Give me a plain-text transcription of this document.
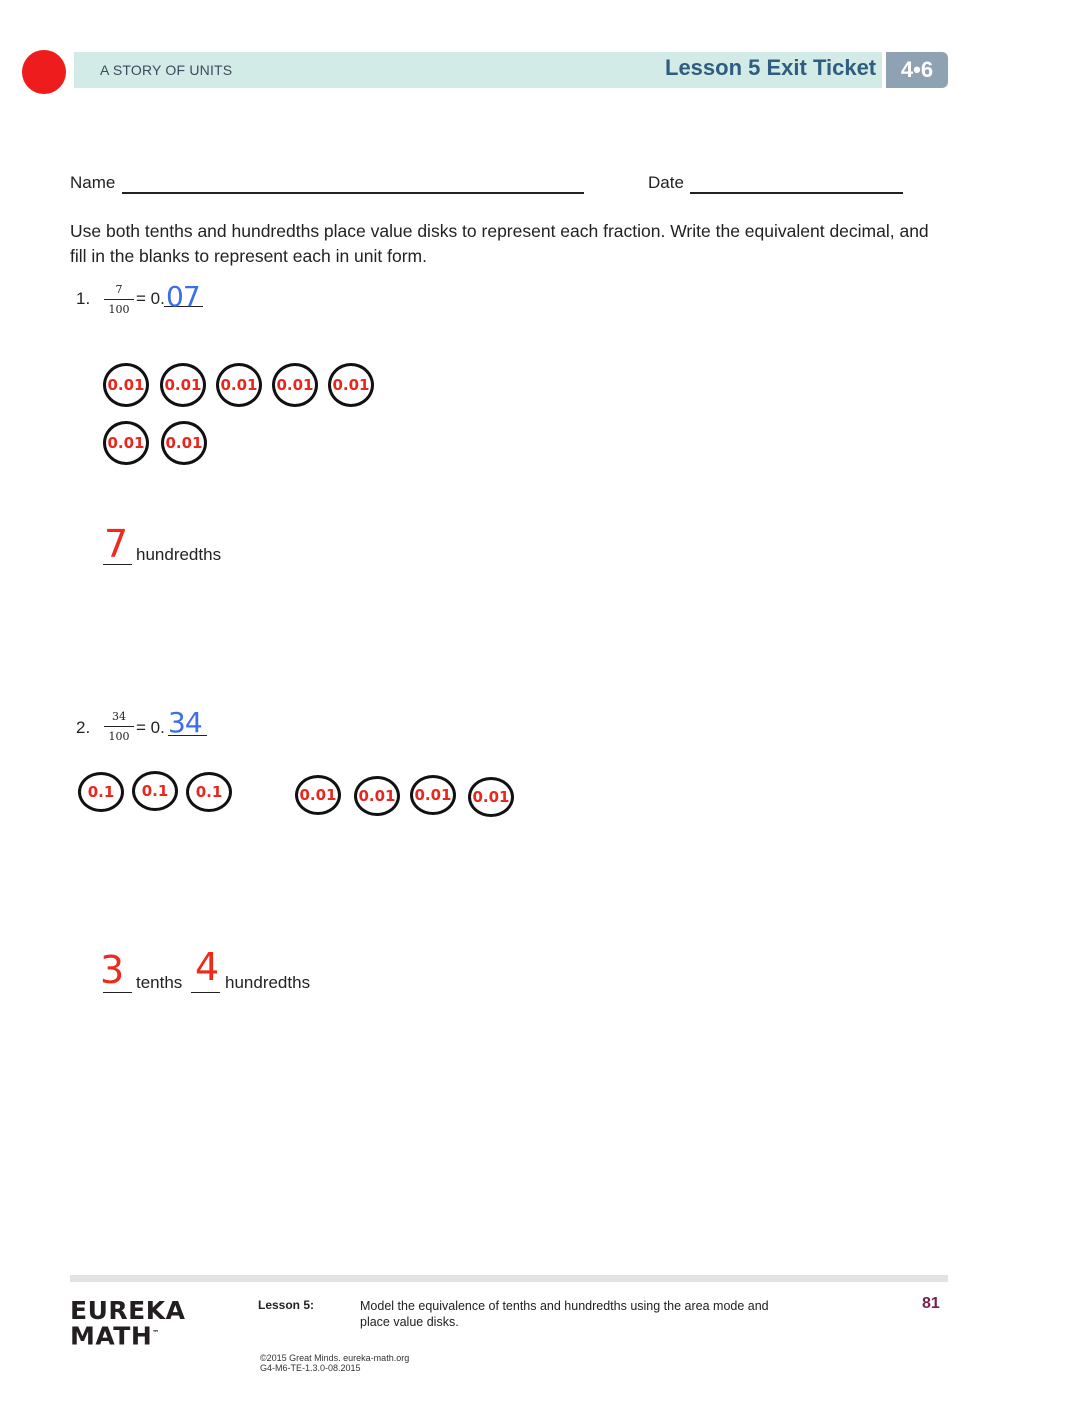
A STORY OF UNITS	Lesson 5 Exit Ticket	4•6
Name	Date
Use both tenths and hundredths place value disks to represent each fraction. Write the equivalent decimal, and fill in the blanks to represent each in unit form.
1. $\frac{7}{100} = 0$. 07
0.01	0.01	0.01	0.01	0.01
0.01	0.01
7 hundredths
2. $\frac{34}{100} = 0$. 34
0.1	0.1	0.1	0.01	0.01	0.01	0.01
3 tenths 4 hundredths
EUREKA
MATH™
Lesson 5:	Model the equivalence of tenths and hundredths using the area mode and place value disks.
81
©2015 Great Minds. eureka-math.org
G4-M6-TE-1.3.0-08.2015
